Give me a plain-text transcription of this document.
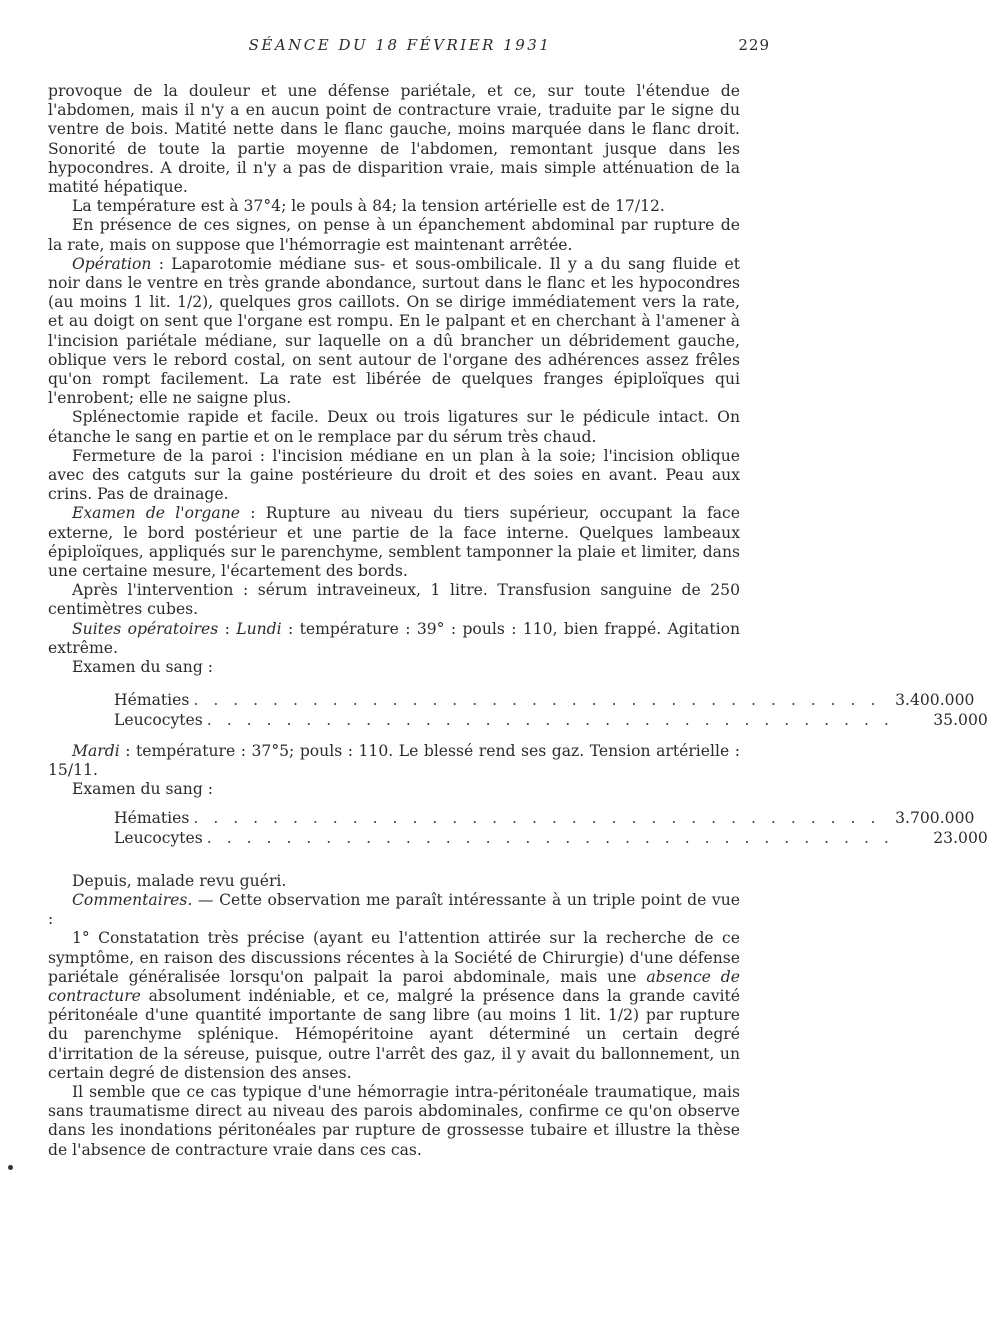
SÉANCE DU 18 FÉVRIER 1931	229

provoque de la douleur et une défense pariétale, et ce, sur toute l'étendue de l'abdomen, mais il n'y a en aucun point de contracture vraie, traduite par le signe du ventre de bois. Matité nette dans le flanc gauche, moins marquée dans le flanc droit. Sonorité de toute la partie moyenne de l'abdomen, remontant jusque dans les hypocondres. A droite, il n'y a pas de disparition vraie, mais simple atténuation de la matité hépatique.

La température est à 37°4; le pouls à 84; la tension artérielle est de 17/12.

En présence de ces signes, on pense à un épanchement abdominal par rupture de la rate, mais on suppose que l'hémorragie est maintenant arrêtée.

Opération : Laparotomie médiane sus- et sous-ombilicale. Il y a du sang fluide et noir dans le ventre en très grande abondance, surtout dans le flanc et les hypocondres (au moins 1 lit. 1/2), quelques gros caillots. On se dirige immédiatement vers la rate, et au doigt on sent que l'organe est rompu. En le palpant et en cherchant à l'amener à l'incision pariétale médiane, sur laquelle on a dû brancher un débridement gauche, oblique vers le rebord costal, on sent autour de l'organe des adhérences assez frêles qu'on rompt facilement. La rate est libérée de quelques franges épiploïques qui l'enrobent; elle ne saigne plus.

Splénectomie rapide et facile. Deux ou trois ligatures sur le pédicule intact. On étanche le sang en partie et on le remplace par du sérum très chaud.

Fermeture de la paroi : l'incision médiane en un plan à la soie; l'incision oblique avec des catguts sur la gaine postérieure du droit et des soies en avant. Peau aux crins. Pas de drainage.

Examen de l'organe : Rupture au niveau du tiers supérieur, occupant la face externe, le bord postérieur et une partie de la face interne. Quelques lambeaux épiploïques, appliqués sur le parenchyme, semblent tamponner la plaie et limiter, dans une certaine mesure, l'écartement des bords.

Après l'intervention : sérum intraveineux, 1 litre. Transfusion sanguine de 250 centimètres cubes.

Suites opératoires : Lundi : température : 39° : pouls : 110, bien frappé. Agitation extrême.

Examen du sang :

Hématies . . . . . . . . . . . . . . . . . . . . . . . . . . . . . . . . . . . 3.400.000
Leucocytes . . . . . . . . . . . . . . . . . . . . . . . . . . . . . . . . . . .	35.000

Mardi : température : 37°5; pouls : 110. Le blessé rend ses gaz. Tension artérielle : 15/11.

Examen du sang :

Hématies . . . . . . . . . . . . . . . . . . . . . . . . . . . . . . . . . . . 3.700.000
Leucocytes . . . . . . . . . . . . . . . . . . . . . . . . . . . . . . . . . . .	23.000

Depuis, malade revu guéri.

Commentaires. — Cette observation me paraît intéressante à un triple point de vue :

1° Constatation très précise (ayant eu l'attention attirée sur la recherche de ce symptôme, en raison des discussions récentes à la Société de Chirurgie) d'une défense pariétale généralisée lorsqu'on palpait la paroi abdominale, mais une absence de contracture absolument indéniable, et ce, malgré la présence dans la grande cavité péritonéale d'une quantité importante de sang libre (au moins 1 lit. 1/2) par rupture du parenchyme splénique. Hémopéritoine ayant déterminé un certain degré d'irritation de la séreuse, puisque, outre l'arrêt des gaz, il y avait du ballonnement, un certain degré de distension des anses.

Il semble que ce cas typique d'une hémorragie intra-péritonéale traumatique, mais sans traumatisme direct au niveau des parois abdominales, confirme ce qu'on observe dans les inondations péritonéales par rupture de grossesse tubaire et illustre la thèse de l'absence de contracture vraie dans ces cas.
